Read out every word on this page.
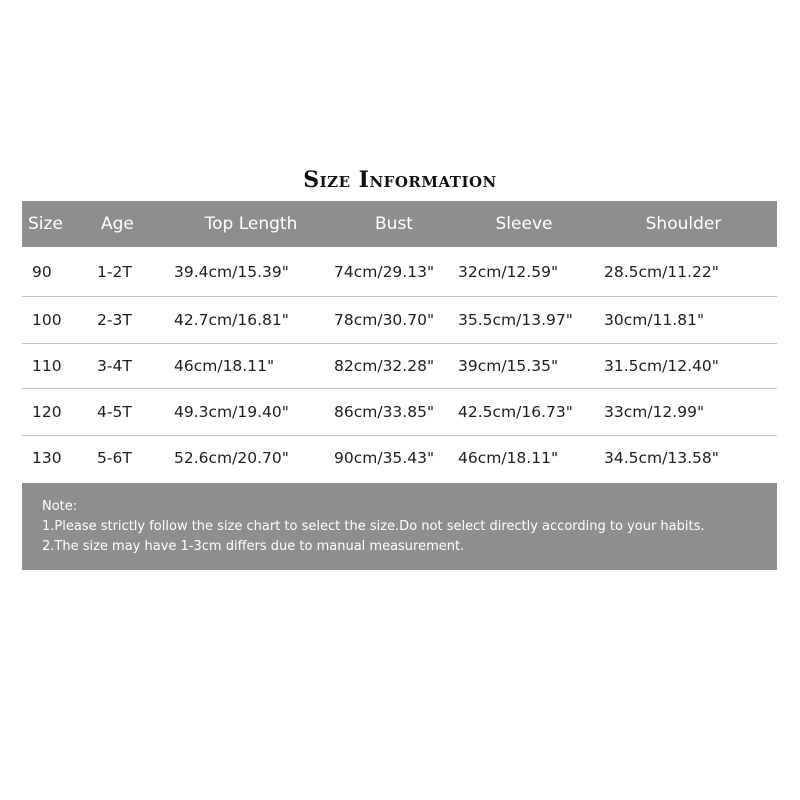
Size Information
Size	Age	Top Length	Bust	Sleeve	Shoulder
90	1-2T	39.4cm/15.39"	74cm/29.13"	32cm/12.59"	28.5cm/11.22"
100	2-3T	42.7cm/16.81"	78cm/30.70"	35.5cm/13.97"	30cm/11.81"
110	3-4T	46cm/18.11"	82cm/32.28"	39cm/15.35"	31.5cm/12.40"
120	4-5T	49.3cm/19.40"	86cm/33.85"	42.5cm/16.73"	33cm/12.99"
130	5-6T	52.6cm/20.70"	90cm/35.43"	46cm/18.11"	34.5cm/13.58"
Note:
1.Please strictly follow the size chart to select the size.Do not select directly according to your habits.
2.The size may have 1-3cm differs due to manual measurement.
